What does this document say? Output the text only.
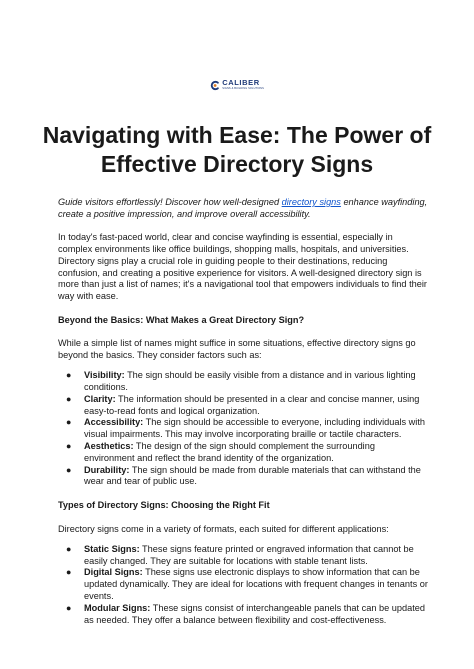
CALIBER
SIGNS & BUILDING SOLUTIONS
Navigating with Ease: The Power of
Effective Directory Signs

Guide visitors effortlessly! Discover how well-designed directory signs enhance wayfinding, create a positive impression, and improve overall accessibility.

In today's fast-paced world, clear and concise wayfinding is essential, especially in complex environments like office buildings, shopping malls, hospitals, and universities. Directory signs play a crucial role in guiding people to their destinations, reducing confusion, and creating a positive experience for visitors. A well-designed directory sign is more than just a list of names; it's a navigational tool that empowers individuals to find their way with ease.

Beyond the Basics: What Makes a Great Directory Sign?

While a simple list of names might suffice in some situations, effective directory signs go beyond the basics. They consider factors such as:

● Visibility: The sign should be easily visible from a distance and in various lighting conditions.
● Clarity: The information should be presented in a clear and concise manner, using easy-to-read fonts and logical organization.
● Accessibility: The sign should be accessible to everyone, including individuals with visual impairments. This may involve incorporating braille or tactile characters.
● Aesthetics: The design of the sign should complement the surrounding environment and reflect the brand identity of the organization.
● Durability: The sign should be made from durable materials that can withstand the wear and tear of public use.

Types of Directory Signs: Choosing the Right Fit

Directory signs come in a variety of formats, each suited for different applications:

● Static Signs: These signs feature printed or engraved information that cannot be easily changed. They are suitable for locations with stable tenant lists.
● Digital Signs: These signs use electronic displays to show information that can be updated dynamically. They are ideal for locations with frequent changes in tenants or events.
● Modular Signs: These signs consist of interchangeable panels that can be updated as needed. They offer a balance between flexibility and cost-effectiveness.
